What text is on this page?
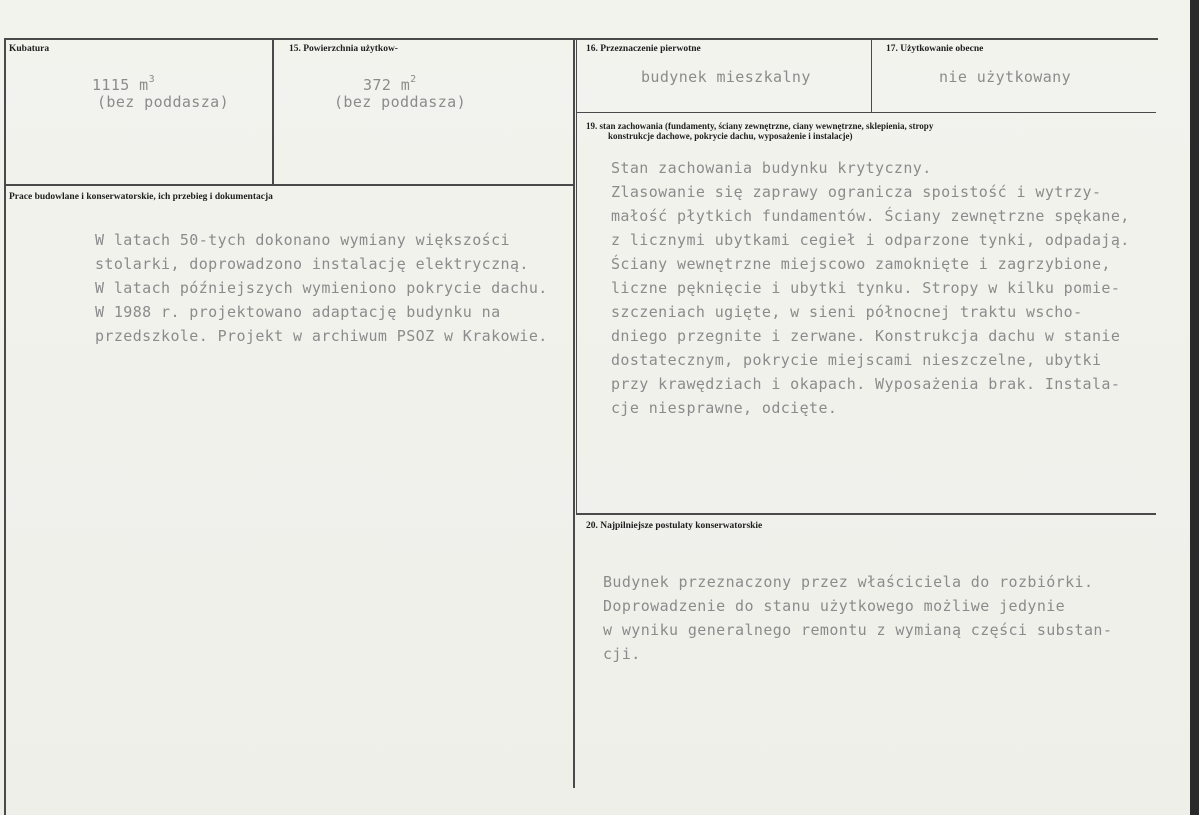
Kubatura
1115 $m^3$
(bez poddasza)
15. Powierzchnia użytkow-
372 $m^2$
(bez poddasza)
16. Przeznaczenie pierwotne
budynek mieszkalny
17. Użytkowanie obecne
nie użytkowany
19. stan zachowania (fundamenty, ściany zewnętrzne, ciany wewnętrzne, sklepienia, stropy
konstrukcje dachowe, pokrycie dachu, wyposażenie i instalacje)
Stan zachowania budynku krytyczny.
Zlasowanie się zaprawy ogranicza spoistość i wytrzy-
małość płytkich fundamentów. Ściany zewnętrzne spękane,
z licznymi ubytkami cegieł i odparzone tynki, odpadają.
Ściany wewnętrzne miejscowo zamoknięte i zagrzybione,
liczne pęknięcie i ubytki tynku. Stropy w kilku pomie-
szczeniach ugięte, w sieni północnej traktu wscho-
dniego przegnite i zerwane. Konstrukcja dachu w stanie
dostatecznym, pokrycie miejscami nieszczelne, ubytki
przy krawędziach i okapach. Wyposażenia brak. Instala-
cje niesprawne, odcięte.
Prace budowlane i konserwatorskie, ich przebieg i dokumentacja
W latach 50-tych dokonano wymiany większości
stolarki, doprowadzono instalację elektryczną.
W latach późniejszych wymieniono pokrycie dachu.
W 1988 r. projektowano adaptację budynku na
przedszkole. Projekt w archiwum PSOZ w Krakowie.
20. Najpilniejsze postulaty konserwatorskie
Budynek przeznaczony przez właściciela do rozbiórki.
Doprowadzenie do stanu użytkowego możliwe jedynie
w wyniku generalnego remontu z wymianą części substan-
cji.
